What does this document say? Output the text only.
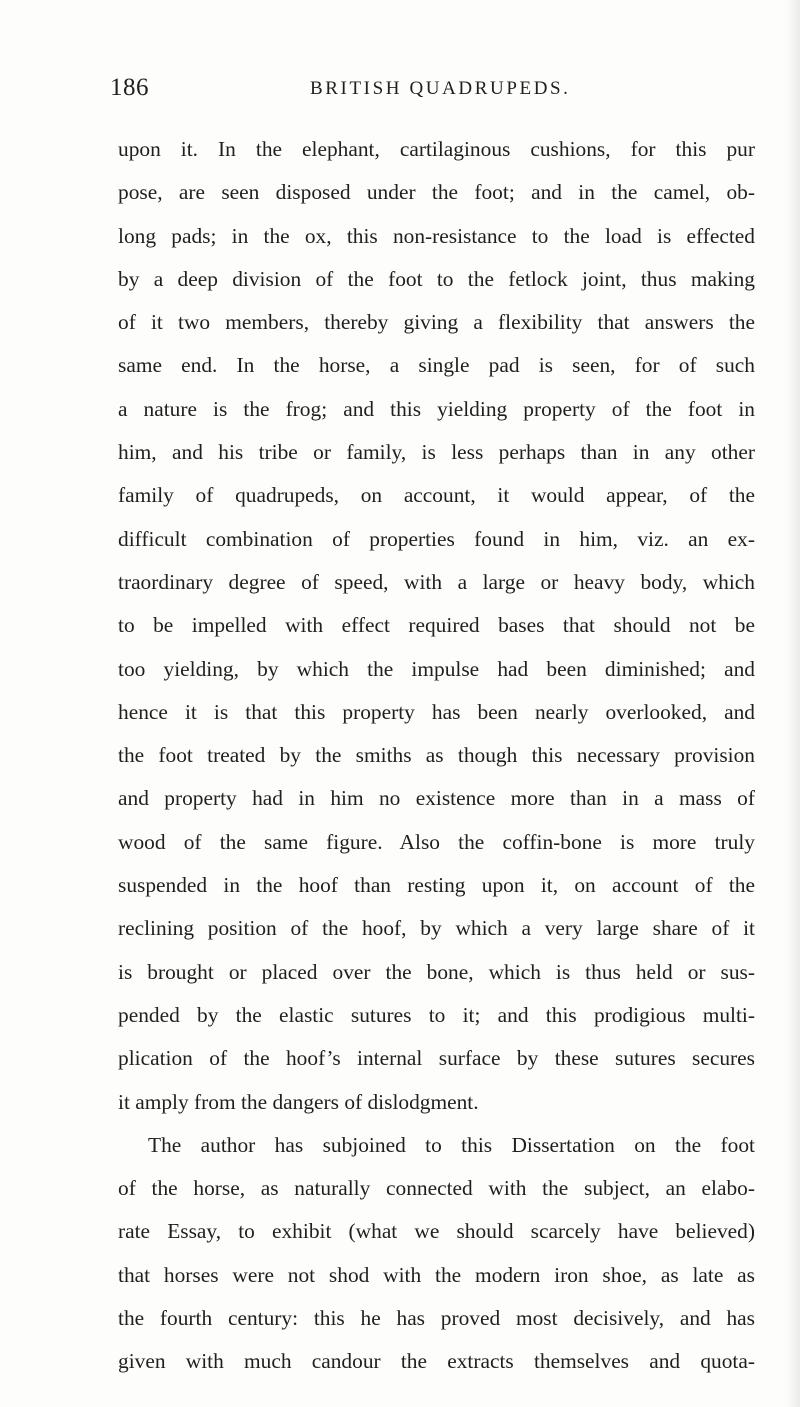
186	BRITISH QUADRUPEDS.
upon it. In the elephant, cartilaginous cushions, for this pur
pose, are seen disposed under the foot; and in the camel, ob-
long pads; in the ox, this non-resistance to the load is effected
by a deep division of the foot to the fetlock joint, thus making
of it two members, thereby giving a flexibility that answers the
same end. In the horse, a single pad is seen, for of such
a nature is the frog; and this yielding property of the foot in
him, and his tribe or family, is less perhaps than in any other
family of quadrupeds, on account, it would appear, of the
difficult combination of properties found in him, viz. an ex-
traordinary degree of speed, with a large or heavy body, which
to be impelled with effect required bases that should not be
too yielding, by which the impulse had been diminished; and
hence it is that this property has been nearly overlooked, and
the foot treated by the smiths as though this necessary provision
and property had in him no existence more than in a mass of
wood of the same figure. Also the coffin-bone is more truly
suspended in the hoof than resting upon it, on account of the
reclining position of the hoof, by which a very large share of it
is brought or placed over the bone, which is thus held or sus-
pended by the elastic sutures to it; and this prodigious multi-
plication of the hoof’s internal surface by these sutures secures
it amply from the dangers of dislodgment.
The author has subjoined to this Dissertation on the foot
of the horse, as naturally connected with the subject, an elabo-
rate Essay, to exhibit (what we should scarcely have believed)
that horses were not shod with the modern iron shoe, as late as
the fourth century: this he has proved most decisively, and has
given with much candour the extracts themselves and quota-
